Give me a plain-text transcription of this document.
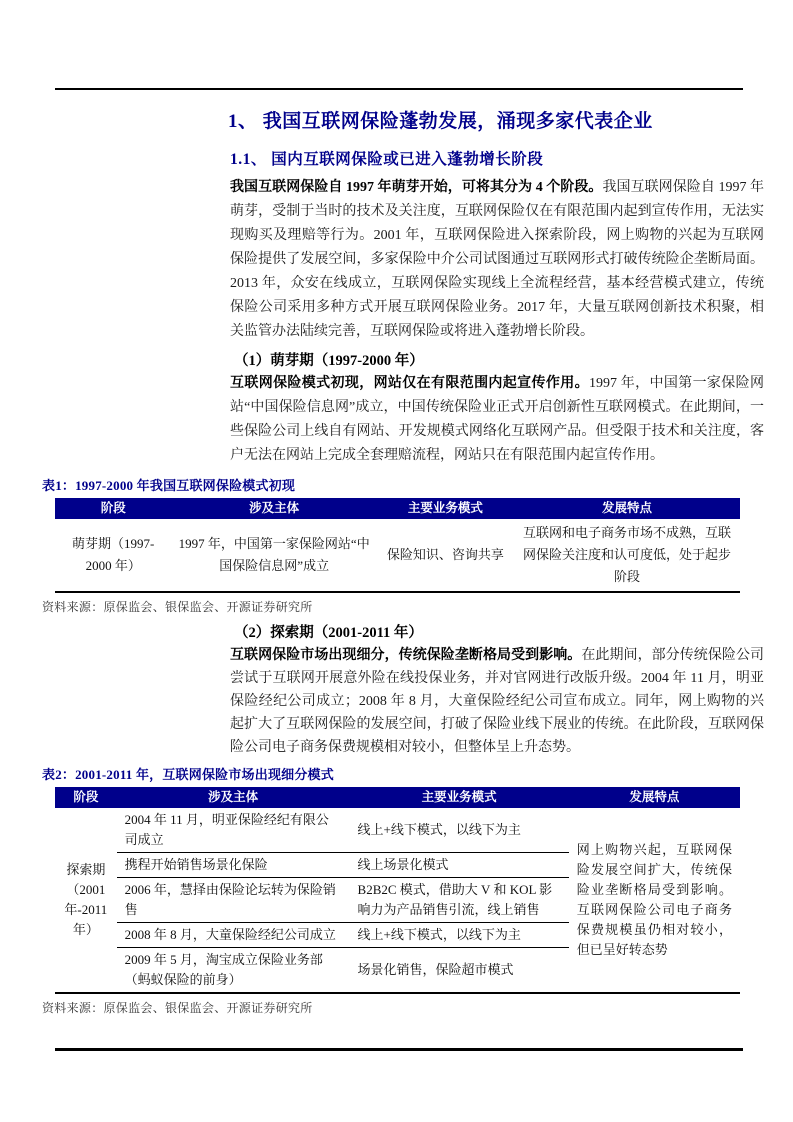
1、 我国互联网保险蓬勃发展，涌现多家代表企业
1.1、 国内互联网保险或已进入蓬勃增长阶段

我国互联网保险自 1997 年萌芽开始，可将其分为 4 个阶段。我国互联网保险自 1997 年萌芽，受制于当时的技术及关注度，互联网保险仅在有限范围内起到宣传作用，无法实现购买及理赔等行为。2001 年，互联网保险进入探索阶段，网上购物的兴起为互联网保险提供了发展空间，多家保险中介公司试图通过互联网形式打破传统险企垄断局面。2013 年，众安在线成立，互联网保险实现线上全流程经营，基本经营模式建立，传统保险公司采用多种方式开展互联网保险业务。2017 年，大量互联网创新技术积聚，相关监管办法陆续完善，互联网保险或将进入蓬勃增长阶段。

（1）萌芽期（1997-2000 年）

互联网保险模式初现，网站仅在有限范围内起宣传作用。1997 年，中国第一家保险网站“中国保险信息网”成立，中国传统保险业正式开启创新性互联网模式。在此期间，一些保险公司上线自有网站、开发规模式网络化互联网产品。但受限于技术和关注度，客户无法在网站上完成全套理赔流程，网站只在有限范围内起宣传作用。

表1：1997-2000 年我国互联网保险模式初现
阶段	涉及主体	主要业务模式	发展特点
萌芽期（1997-2000 年）	1997 年，中国第一家保险网站“中国保险信息网”成立	保险知识、咨询共享	互联网和电子商务市场不成熟，互联网保险关注度和认可度低，处于起步阶段
资料来源：原保监会、银保监会、开源证券研究所
（2）探索期（2001-2011 年）

互联网保险市场出现细分，传统保险垄断格局受到影响。在此期间，部分传统保险公司尝试于互联网开展意外险在线投保业务，并对官网进行改版升级。2004 年 11 月，明亚保险经纪公司成立；2008 年 8 月，大童保险经纪公司宣布成立。同年，网上购物的兴起扩大了互联网保险的发展空间，打破了保险业线下展业的传统。在此阶段，互联网保险公司电子商务保费规模相对较小，但整体呈上升态势。

表2：2001-2011 年，互联网保险市场出现细分模式
阶段	涉及主体	主要业务模式	发展特点
探索期（2001 年-2011 年）	2004 年 11 月，明亚保险经纪有限公司成立	线上+线下模式，以线下为主	网上购物兴起，互联网保险发展空间扩大，传统保险业垄断格局受到影响。互联网保险公司电子商务保费规模虽仍相对较小，但已呈好转态势
	携程开始销售场景化保险	线上场景化模式	
	2006 年，慧择由保险论坛转为保险销售	B2B2C 模式，借助大 V 和 KOL 影响力为产品销售引流，线上销售	
	2008 年 8 月，大童保险经纪公司成立	线上+线下模式，以线下为主	
	2009 年 5 月，淘宝成立保险业务部（蚂蚁保险的前身）	场景化销售，保险超市模式	
资料来源：原保监会、银保监会、开源证券研究所
